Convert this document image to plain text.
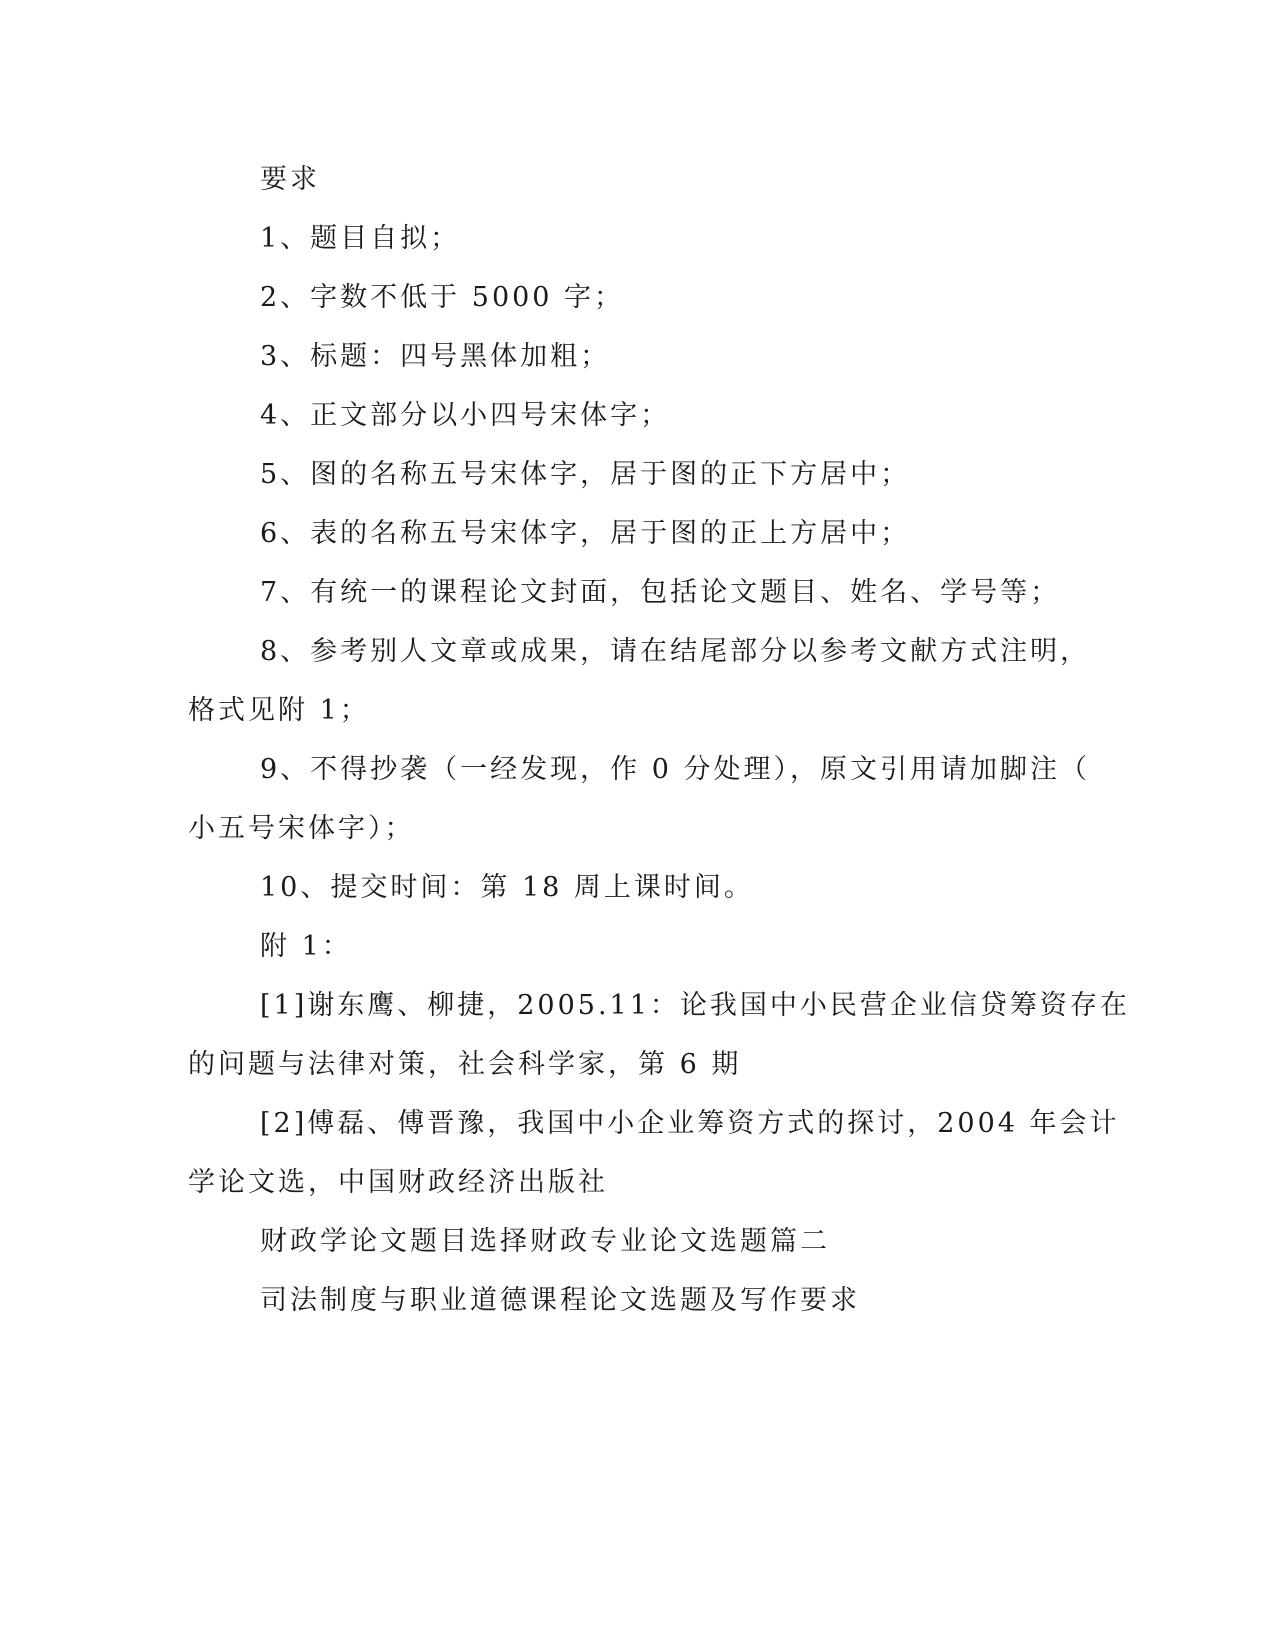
要求
1、题目自拟；
2、字数不低于 5000 字；
3、标题：四号黑体加粗；
4、正文部分以小四号宋体字；
5、图的名称五号宋体字，居于图的正下方居中；
6、表的名称五号宋体字，居于图的正上方居中；
7、有统一的课程论文封面，包括论文题目、姓名、学号等；
8、参考别人文章或成果，请在结尾部分以参考文献方式注明，
格式见附 1；
9、不得抄袭（一经发现，作 0 分处理），原文引用请加脚注（
小五号宋体字）；
10、提交时间：第 18 周上课时间。
附 1：
[1]谢东鹰、柳捷，2005.11：论我国中小民营企业信贷筹资存在
的问题与法律对策，社会科学家，第 6 期
[2]傅磊、傅晋豫，我国中小企业筹资方式的探讨，2004 年会计
学论文选，中国财政经济出版社
财政学论文题目选择财政专业论文选题篇二
司法制度与职业道德课程论文选题及写作要求
